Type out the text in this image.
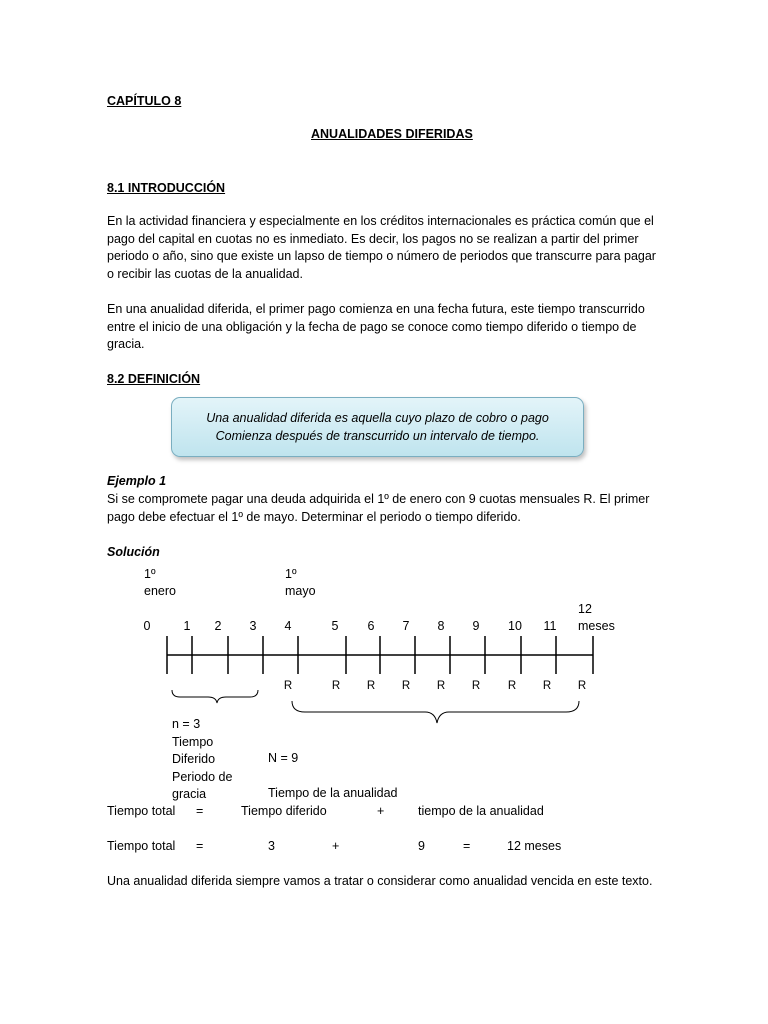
CAPÍTULO 8
ANUALIDADES DIFERIDAS
8.1 INTRODUCCIÓN
En la actividad financiera y especialmente en los créditos internacionales es práctica común que el
pago del capital en cuotas no es inmediato. Es decir, los pagos no se realizan a partir del primer
periodo o año, sino que existe un lapso de tiempo o número de periodos que transcurre para pagar
o recibir las cuotas de la anualidad.
En una anualidad diferida, el primer pago comienza en una fecha futura, este tiempo transcurrido
entre el inicio de una obligación y la fecha de pago se conoce como tiempo diferido o tiempo de
gracia.
8.2 DEFINICIÓN
Una anualidad diferida es aquella cuyo plazo de cobro o pago
Comienza después de transcurrido un intervalo de tiempo.
Ejemplo 1
Si se compromete pagar una deuda adquirida el 1º de enero con 9 cuotas mensuales R. El primer
pago debe efectuar el 1º de mayo. Determinar el periodo o tiempo diferido.
Solución
1º
enero
1º
mayo
12
meses
0	1 2 3 4	5 6 7 8 9 10 11
R	R R R R R R R R
n = 3
Tiempo
Diferido
Periodo de
gracia
N = 9
Tiempo de la anualidad
Tiempo total =	Tiempo diferido	+	tiempo de la anualidad
Tiempo total =	3	+	9	=	12 meses
Una anualidad diferida siempre vamos a tratar o considerar como anualidad vencida en este texto.
